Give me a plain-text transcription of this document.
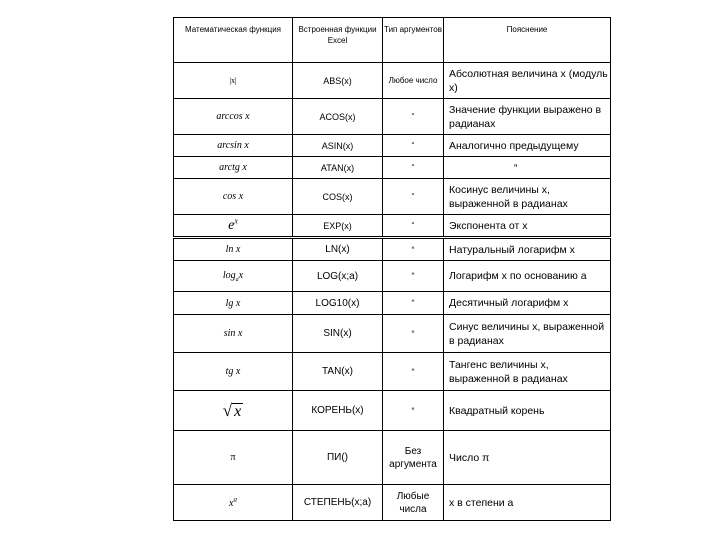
Математическая функция	Встроенная функции Excel	Тип аргументов	Пояснение
|x|	ABS(x)	Любое число	Абсолютная величина x (модуль x)
arccos x	ACOS(x)	“	Значение функции выражено в радианах
arcsin x	ASIN(x)	“	Аналогично предыдущему
arctg x	ATAN(x)	“	“
cos x	COS(x)	“	Косинус величины x, выраженной в радианах
$e^x$	EXP(x)	“	Экспонента от x

ln x	LN(x)	“	Натуральный логарифм x
$\log_ax$	LOG(x;a)	“	Логарифм x по основанию a
lg x	LOG10(x)	“	Десятичный логарифм x
sin x	SIN(x)	“	Синус величины x, выраженной в радианах
tg x	TAN(x)	“	Тангенс величины x, выраженной в радианах
√ x	КОРЕНЬ(x)	“	Квадратный корень
π	ПИ()	Без аргумента	Число π
$x^a$	СТЕПЕНЬ(x;a)	Любые числа	x в степени a
